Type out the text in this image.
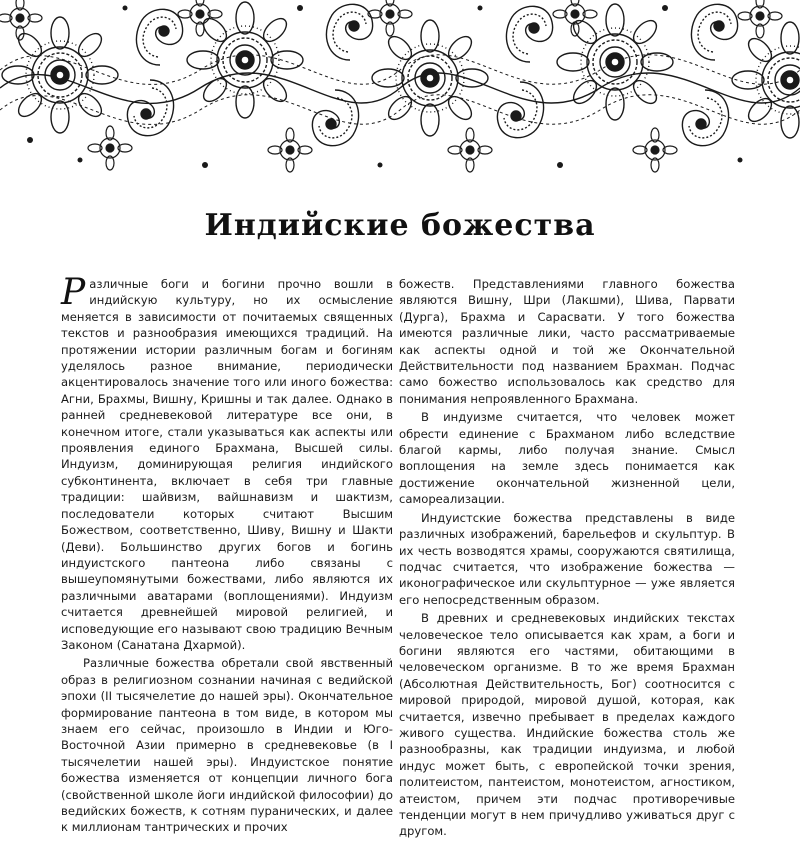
Индийские божества

Различные боги и богини прочно вошли в индийскую культуру, но их осмысление меняется в зависимости от почитаемых священных текстов и разнообразия имеющихся традиций. На протяжении истории различным богам и богиням уделялось разное внимание, периодически акцентировалось значение того или иного божества: Агни, Брахмы, Вишну, Кришны и так далее. Однако в ранней средневековой литературе все они, в конечном итоге, стали указываться как аспекты или проявления единого Брахмана, Высшей силы. Индуизм, доминирующая религия индийского субконтинента, включает в себя три главные традиции: шайвизм, вайшнавизм и шактизм, последователи которых считают Высшим Божеством, соответственно, Шиву, Вишну и Шакти (Деви). Большинство других богов и богинь индуистского пантеона либо связаны с вышеупомянутыми божествами, либо являются их различными аватарами (воплощениями). Индуизм считается древнейшей мировой религией, и исповедующие его называют свою традицию Вечным Законом (Санатана Дхармой).

Различные божества обретали свой явственный образ в религиозном сознании начиная с ведийской эпохи (II тысячелетие до нашей эры). Окончательное формирование пантеона в том виде, в котором мы знаем его сейчас, произошло в Индии и Юго-Восточной Азии примерно в средневековье (в I тысячелетии нашей эры). Индуистское понятие божества изменяется от концепции личного бога (свойственной школе йоги индийской философии) до ведийских божеств, к сотням пуранических, и далее к миллионам тантрических и прочих

божеств. Представлениями главного божества являются Вишну, Шри (Лакшми), Шива, Парвати (Дурга), Брахма и Сарасвати. У того божества имеются различные лики, часто рассматриваемые как аспекты одной и той же Окончательной Действительности под названием Брахман. Подчас само божество использовалось как средство для понимания непроявленного Брахмана.

В индуизме считается, что человек может обрести единение с Брахманом либо вследствие благой кармы, либо получая знание. Смысл воплощения на земле здесь понимается как достижение окончательной жизненной цели, самореализации.

Индуистские божества представлены в виде различных изображений, барельефов и скульптур. В их честь возводятся храмы, сооружаются святилища, подчас считается, что изображение божества — иконографическое или скульптурное — уже является его непосредственным образом.

В древних и средневековых индийских текстах человеческое тело описывается как храм, а боги и богини являются его частями, обитающими в человеческом организме. В то же время Брахман (Абсолютная Действительность, Бог) соотносится с мировой природой, мировой душой, которая, как считается, извечно пребывает в пределах каждого живого существа. Индийские божества столь же разнообразны, как традиции индуизма, и любой индус может быть, с европейской точки зрения, политеистом, пантеистом, монотеистом, агностиком, атеистом, причем эти подчас противоречивые тенденции могут в нем причудливо уживаться друг с другом.
